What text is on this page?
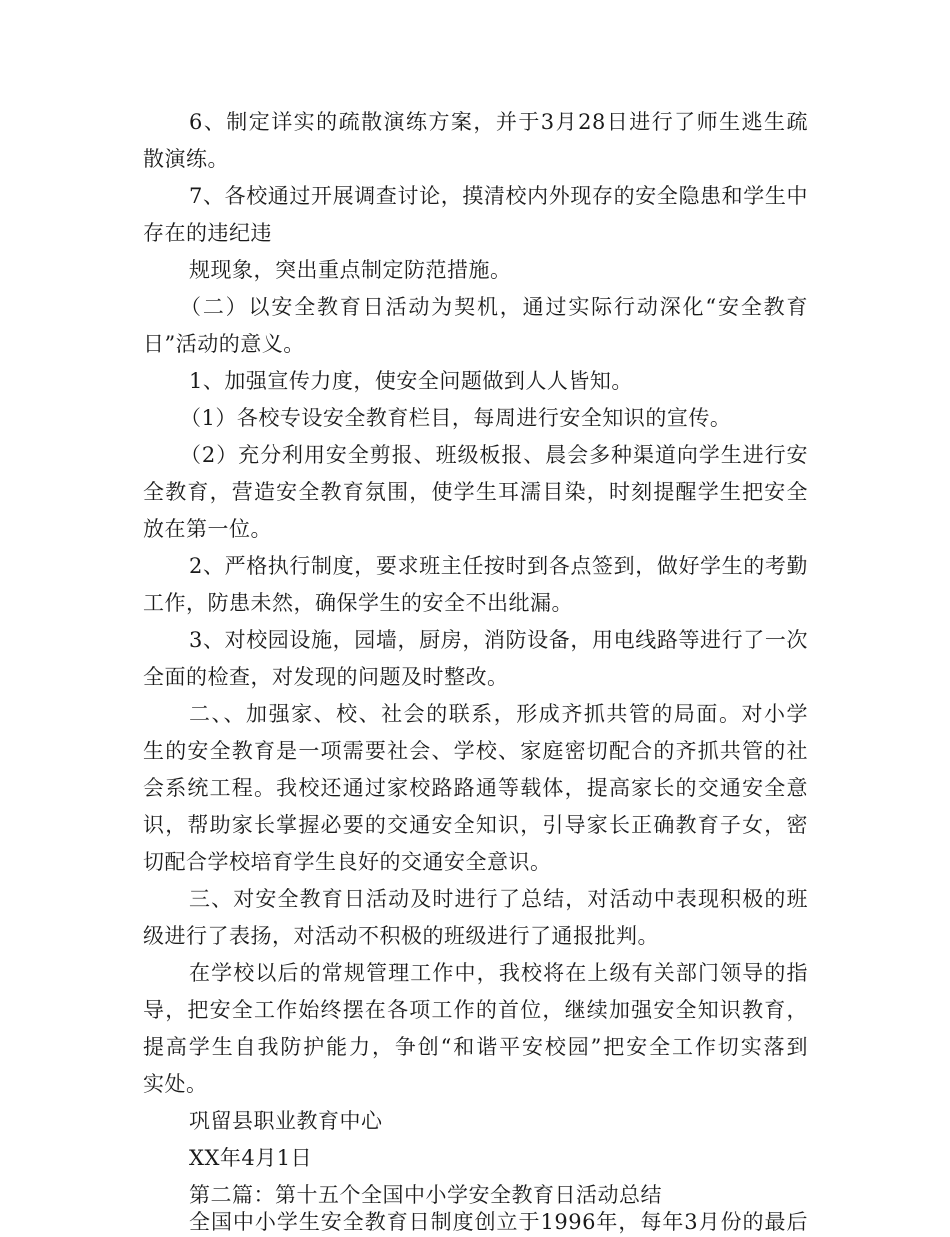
6、制定详实的疏散演练方案，并于3月28日进行了师生逃生疏
散演练。
7、各校通过开展调查讨论，摸清校内外现存的安全隐患和学生中
存在的违纪违
规现象，突出重点制定防范措施。
（二）以安全教育日活动为契机，通过实际行动深化“安全教育
日”活动的意义。
1、加强宣传力度，使安全问题做到人人皆知。
（1）各校专设安全教育栏目，每周进行安全知识的宣传。
（2）充分利用安全剪报、班级板报、晨会多种渠道向学生进行安
全教育，营造安全教育氛围，使学生耳濡目染，时刻提醒学生把安全
放在第一位。
2、严格执行制度，要求班主任按时到各点签到，做好学生的考勤
工作，防患未然，确保学生的安全不出纰漏。
3、对校园设施，园墙，厨房，消防设备，用电线路等进行了一次
全面的检查，对发现的问题及时整改。
二、、加强家、校、社会的联系，形成齐抓共管的局面。对小学
生的安全教育是一项需要社会、学校、家庭密切配合的齐抓共管的社
会系统工程。我校还通过家校路路通等载体，提高家长的交通安全意
识，帮助家长掌握必要的交通安全知识，引导家长正确教育子女，密
切配合学校培育学生良好的交通安全意识。
三、对安全教育日活动及时进行了总结，对活动中表现积极的班
级进行了表扬，对活动不积极的班级进行了通报批判。
在学校以后的常规管理工作中，我校将在上级有关部门领导的指
导，把安全工作始终摆在各项工作的首位，继续加强安全知识教育，
提高学生自我防护能力，争创“和谐平安校园”把安全工作切实落到
实处。
巩留县职业教育中心
XX年4月1日
第二篇：第十五个全国中小学安全教育日活动总结
全国中小学生安全教育日制度创立于1996年，每年3月份的最后
